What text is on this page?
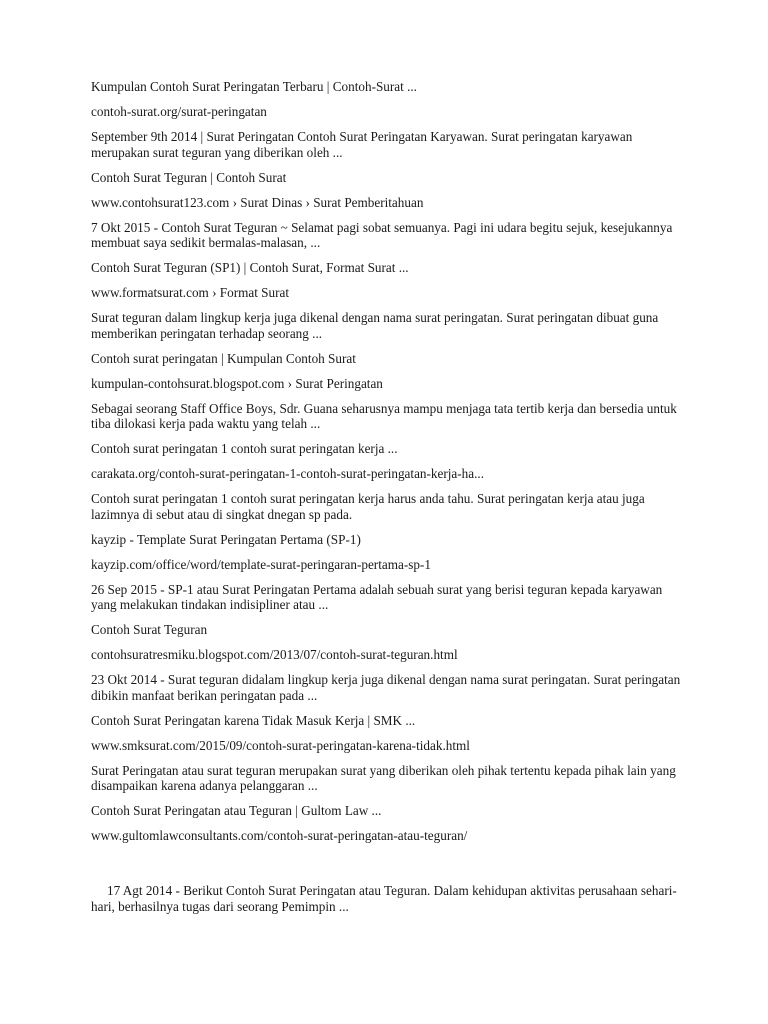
Kumpulan Contoh Surat Peringatan Terbaru | Contoh-Surat ...

contoh-surat.org/surat-peringatan

September 9th 2014 | Surat Peringatan Contoh Surat Peringatan Karyawan. Surat peringatan karyawan merupakan surat teguran yang diberikan oleh ...

Contoh Surat Teguran | Contoh Surat

www.contohsurat123.com › Surat Dinas › Surat Pemberitahuan

7 Okt 2015 - Contoh Surat Teguran ~ Selamat pagi sobat semuanya. Pagi ini udara begitu sejuk, kesejukannya membuat saya sedikit bermalas-malasan, ...

Contoh Surat Teguran (SP1) | Contoh Surat, Format Surat ...

www.formatsurat.com › Format Surat

Surat teguran dalam lingkup kerja juga dikenal dengan nama surat peringatan. Surat peringatan dibuat guna memberikan peringatan terhadap seorang ...

Contoh surat peringatan | Kumpulan Contoh Surat

kumpulan-contohsurat.blogspot.com › Surat Peringatan

Sebagai seorang Staff Office Boys, Sdr. Guana seharusnya mampu menjaga tata tertib kerja dan bersedia untuk tiba dilokasi kerja pada waktu yang telah ...

Contoh surat peringatan 1 contoh surat peringatan kerja ...

carakata.org/contoh-surat-peringatan-1-contoh-surat-peringatan-kerja-ha...

Contoh surat peringatan 1 contoh surat peringatan kerja harus anda tahu. Surat peringatan kerja atau juga lazimnya di sebut atau di singkat dnegan sp pada.

kayzip - Template Surat Peringatan Pertama (SP-1)

kayzip.com/office/word/template-surat-peringaran-pertama-sp-1

26 Sep 2015 - SP-1 atau Surat Peringatan Pertama adalah sebuah surat yang berisi teguran kepada karyawan yang melakukan tindakan indisipliner atau ...

Contoh Surat Teguran

contohsuratresmiku.blogspot.com/2013/07/contoh-surat-teguran.html

23 Okt 2014 - Surat teguran didalam lingkup kerja juga dikenal dengan nama surat peringatan. Surat peringatan dibikin manfaat berikan peringatan pada ...

Contoh Surat Peringatan karena Tidak Masuk Kerja | SMK ...

www.smksurat.com/2015/09/contoh-surat-peringatan-karena-tidak.html

Surat Peringatan atau surat teguran merupakan surat yang diberikan oleh pihak tertentu kepada pihak lain yang disampaikan karena adanya pelanggaran ...

Contoh Surat Peringatan atau Teguran | Gultom Law ...

www.gultomlawconsultants.com/contoh-surat-peringatan-atau-teguran/

17 Agt 2014 - Berikut Contoh Surat Peringatan atau Teguran. Dalam kehidupan aktivitas perusahaan sehari-hari, berhasilnya tugas dari seorang Pemimpin ...
